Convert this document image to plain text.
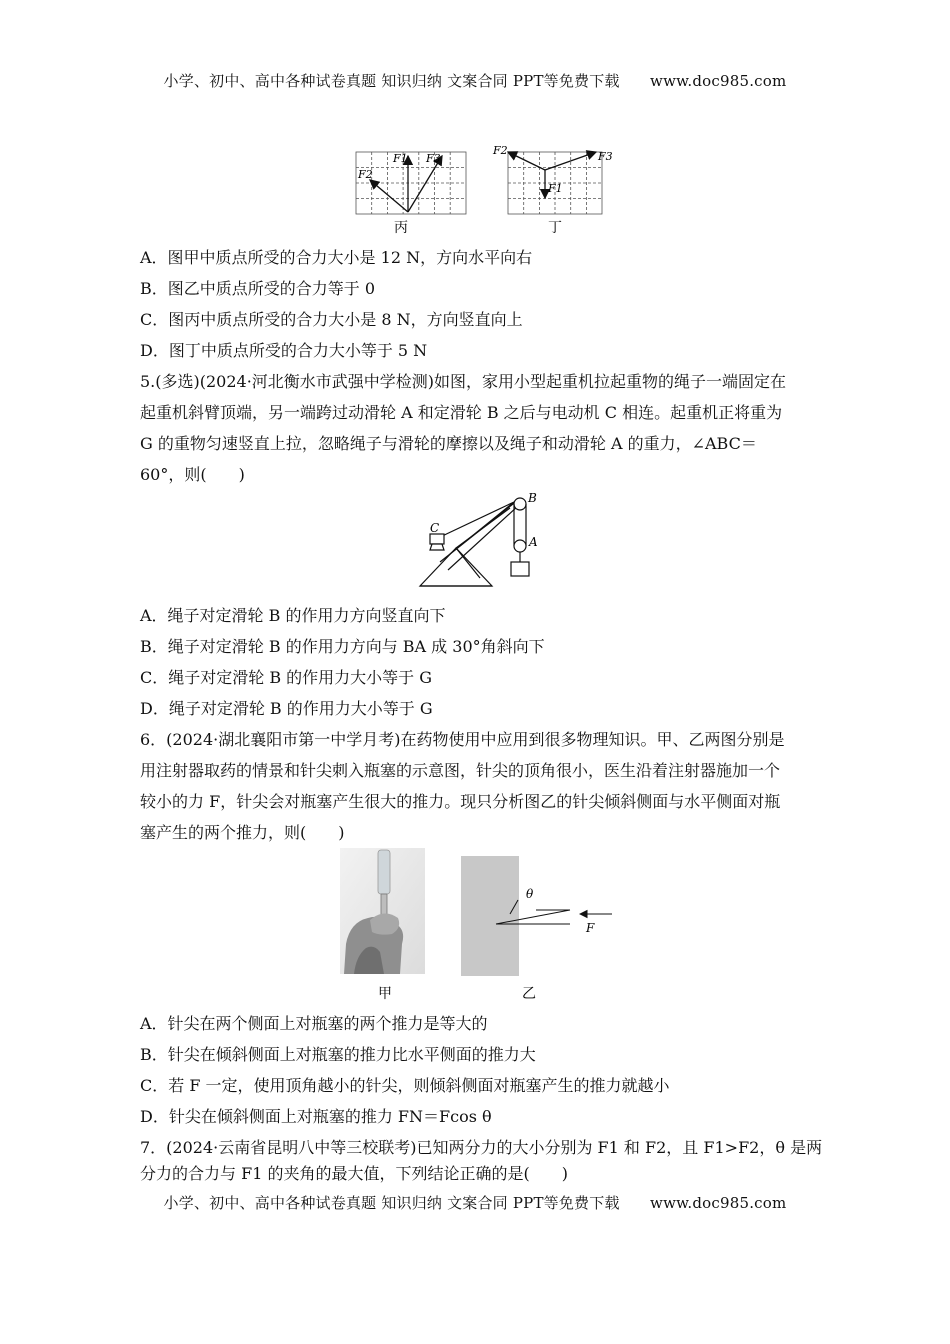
小学、初中、高中各种试卷真题 知识归纳 文案合同 PPT等免费下载　　www.doc985.com
F1
F2
F3
丙
F1
F2	F3
丁
A．图甲中质点所受的合力大小是 12 N，方向水平向右
B．图乙中质点所受的合力等于 0
C．图丙中质点所受的合力大小是 8 N，方向竖直向上
D．图丁中质点所受的合力大小等于 5 N
5.(多选)(2024·河北衡水市武强中学检测)如图，家用小型起重机拉起重物的绳子一端固定在
起重机斜臂顶端，另一端跨过动滑轮 A 和定滑轮 B 之后与电动机 C 相连。起重机正将重为
G 的重物匀速竖直上拉，忽略绳子与滑轮的摩擦以及绳子和动滑轮 A 的重力，∠ABC＝
60°，则(　　)
B
A
C
A．绳子对定滑轮 B 的作用力方向竖直向下
B．绳子对定滑轮 B 的作用力方向与 BA 成 30°角斜向下
C．绳子对定滑轮 B 的作用力大小等于 G
D．绳子对定滑轮 B 的作用力大小等于 G
6．(2024·湖北襄阳市第一中学月考)在药物使用中应用到很多物理知识。甲、乙两图分别是
用注射器取药的情景和针尖刺入瓶塞的示意图，针尖的顶角很小，医生沿着注射器施加一个
较小的力 F，针尖会对瓶塞产生很大的推力。现只分析图乙的针尖倾斜侧面与水平侧面对瓶
塞产生的两个推力，则(　　)
甲
θ
F
乙
A．针尖在两个侧面上对瓶塞的两个推力是等大的
B．针尖在倾斜侧面上对瓶塞的推力比水平侧面的推力大
C．若 F 一定，使用顶角越小的针尖，则倾斜侧面对瓶塞产生的推力就越小
D．针尖在倾斜侧面上对瓶塞的推力 FN＝Fcos θ
7．(2024·云南省昆明八中等三校联考)已知两分力的大小分别为 F1 和 F2，且 F1>F2，θ 是两
分力的合力与 F1 的夹角的最大值，下列结论正确的是(　　)
小学、初中、高中各种试卷真题 知识归纳 文案合同 PPT等免费下载　　www.doc985.com
